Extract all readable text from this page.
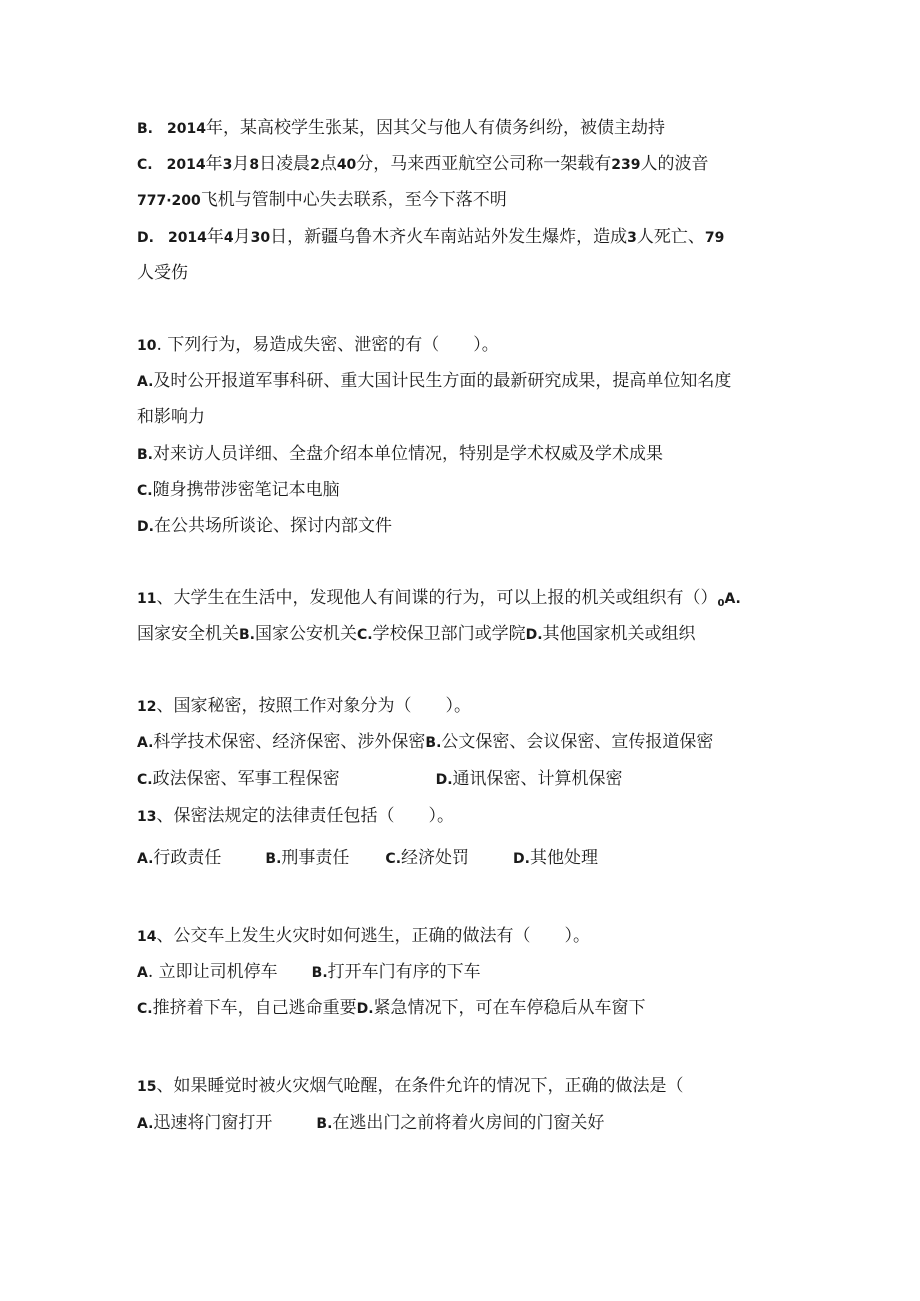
B. 2014年，某高校学生张某，因其父与他人有债务纠纷，被债主劫持
C. 2014年3月8日凌晨2点40分，马来西亚航空公司称一架载有239人的波音
777·200飞机与管制中心失去联系，至今下落不明
D. 2014年4月30日，新疆乌鲁木齐火车南站站外发生爆炸，造成3人死亡、79
人受伤
10. 下列行为，易造成失密、泄密的有（　　）。
A.及时公开报道军事科研、重大国计民生方面的最新研究成果，提高单位知名度
和影响力
B.对来访人员详细、全盘介绍本单位情况，特别是学术权威及学术成果
C.随身携带涉密笔记本电脑
D.在公共场所谈论、探讨内部文件
11、大学生在生活中，发现他人有间谍的行为，可以上报的机关或组织有$()_0A$.
国家安全机关B.国家公安机关C.学校保卫部门或学院D.其他国家机关或组织
12、国家秘密，按照工作对象分为（　　）。
A.科学技术保密、经济保密、涉外保密B.公文保密、会议保密、宣传报道保密
C.政法保密、军事工程保密	D.通讯保密、计算机保密
13、保密法规定的法律责任包括（　　）。
A.行政责任	B.刑事责任	C.经济处罚	D.其他处理
14、公交车上发生火灾时如何逃生，正确的做法有（　　）。
A. 立即让司机停车 B.打开车门有序的下车
C.推挤着下车，自己逃命重要D.紧急情况下，可在车停稳后从车窗下
15、如果睡觉时被火灾烟气呛醒，在条件允许的情况下，正确的做法是（
A.迅速将门窗打开	B.在逃出门之前将着火房间的门窗关好
